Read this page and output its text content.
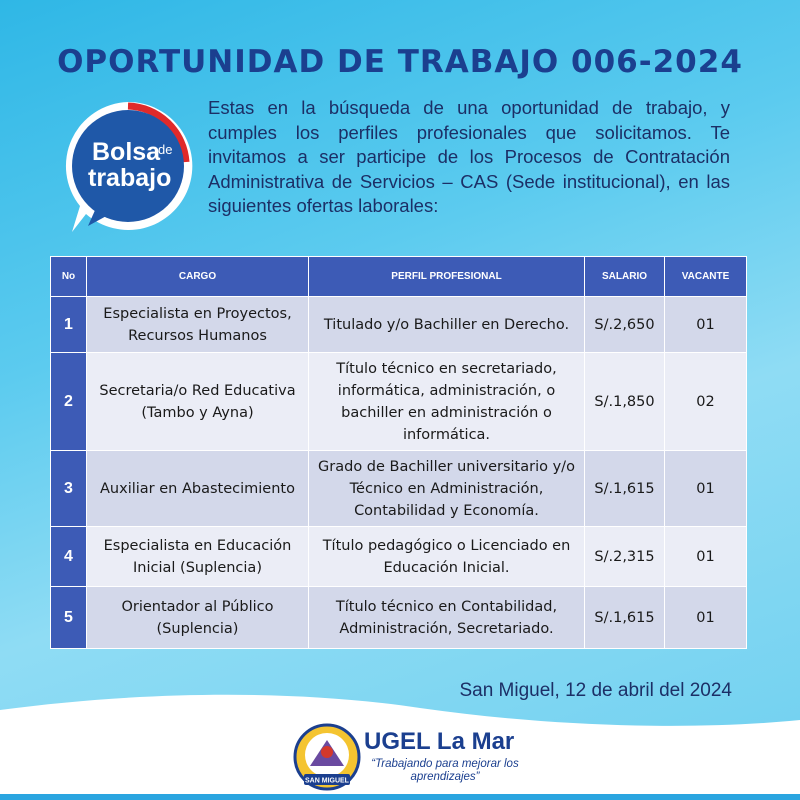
OPORTUNIDAD DE TRABAJO 006-2024
Bolsa
de
trabajo

Estas en la búsqueda de una oportunidad de trabajo, y cumples los perfiles profesionales que solicitamos. Te invitamos a ser participe de los Procesos de Contratación Administrativa de Servicios – CAS (Sede institucional), en las siguientes ofertas laborales:

No	CARGO	PERFIL PROFESIONAL	SALARIO	VACANTE
1	Especialista en Proyectos, Recursos Humanos	Titulado y/o Bachiller en Derecho.	S/.2,650	01
2	Secretaria/o Red Educativa (Tambo y Ayna)	Título técnico en secretariado, informática, administración, o bachiller en administración o informática.	S/.1,850	02
3	Auxiliar en Abastecimiento	Grado de Bachiller universitario y/o Técnico en Administración, Contabilidad y Economía.	S/.1,615	01
4	Especialista en Educación Inicial (Suplencia)	Título pedagógico o Licenciado en Educación Inicial.	S/.2,315	01
5	Orientador al Público (Suplencia)	Título técnico en Contabilidad, Administración, Secretariado.	S/.1,615	01
San Miguel, 12 de abril del 2024
SAN MIGUEL
UGEL La Mar
“Trabajando para mejorar los aprendizajes”
